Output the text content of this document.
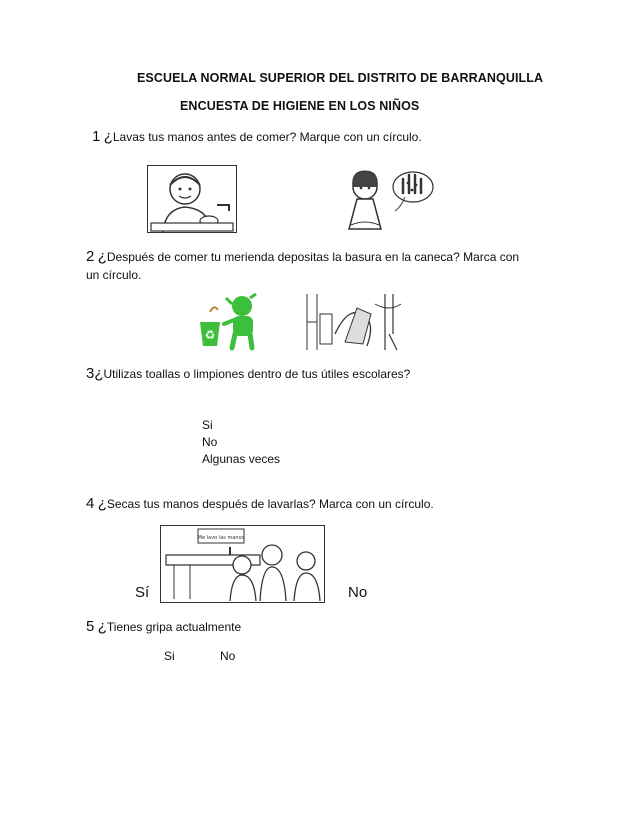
ESCUELA NORMAL SUPERIOR DEL DISTRITO DE BARRANQUILLA
ENCUESTA DE HIGIENE EN LOS NIÑOS
1 ¿Lavas tus manos antes de comer? Marque con un círculo.
2 ¿Después de comer tu merienda depositas la basura en la caneca? Marca con
un círculo.
♻
3¿Utilizas toallas o limpiones dentro de tus útiles escolares?
Si
No
Algunas veces
4 ¿Secas tus manos después de lavarlas? Marca con un círculo.
Me lavo las manos
Sí	No
5 ¿Tienes gripa actualmente
Si	No
